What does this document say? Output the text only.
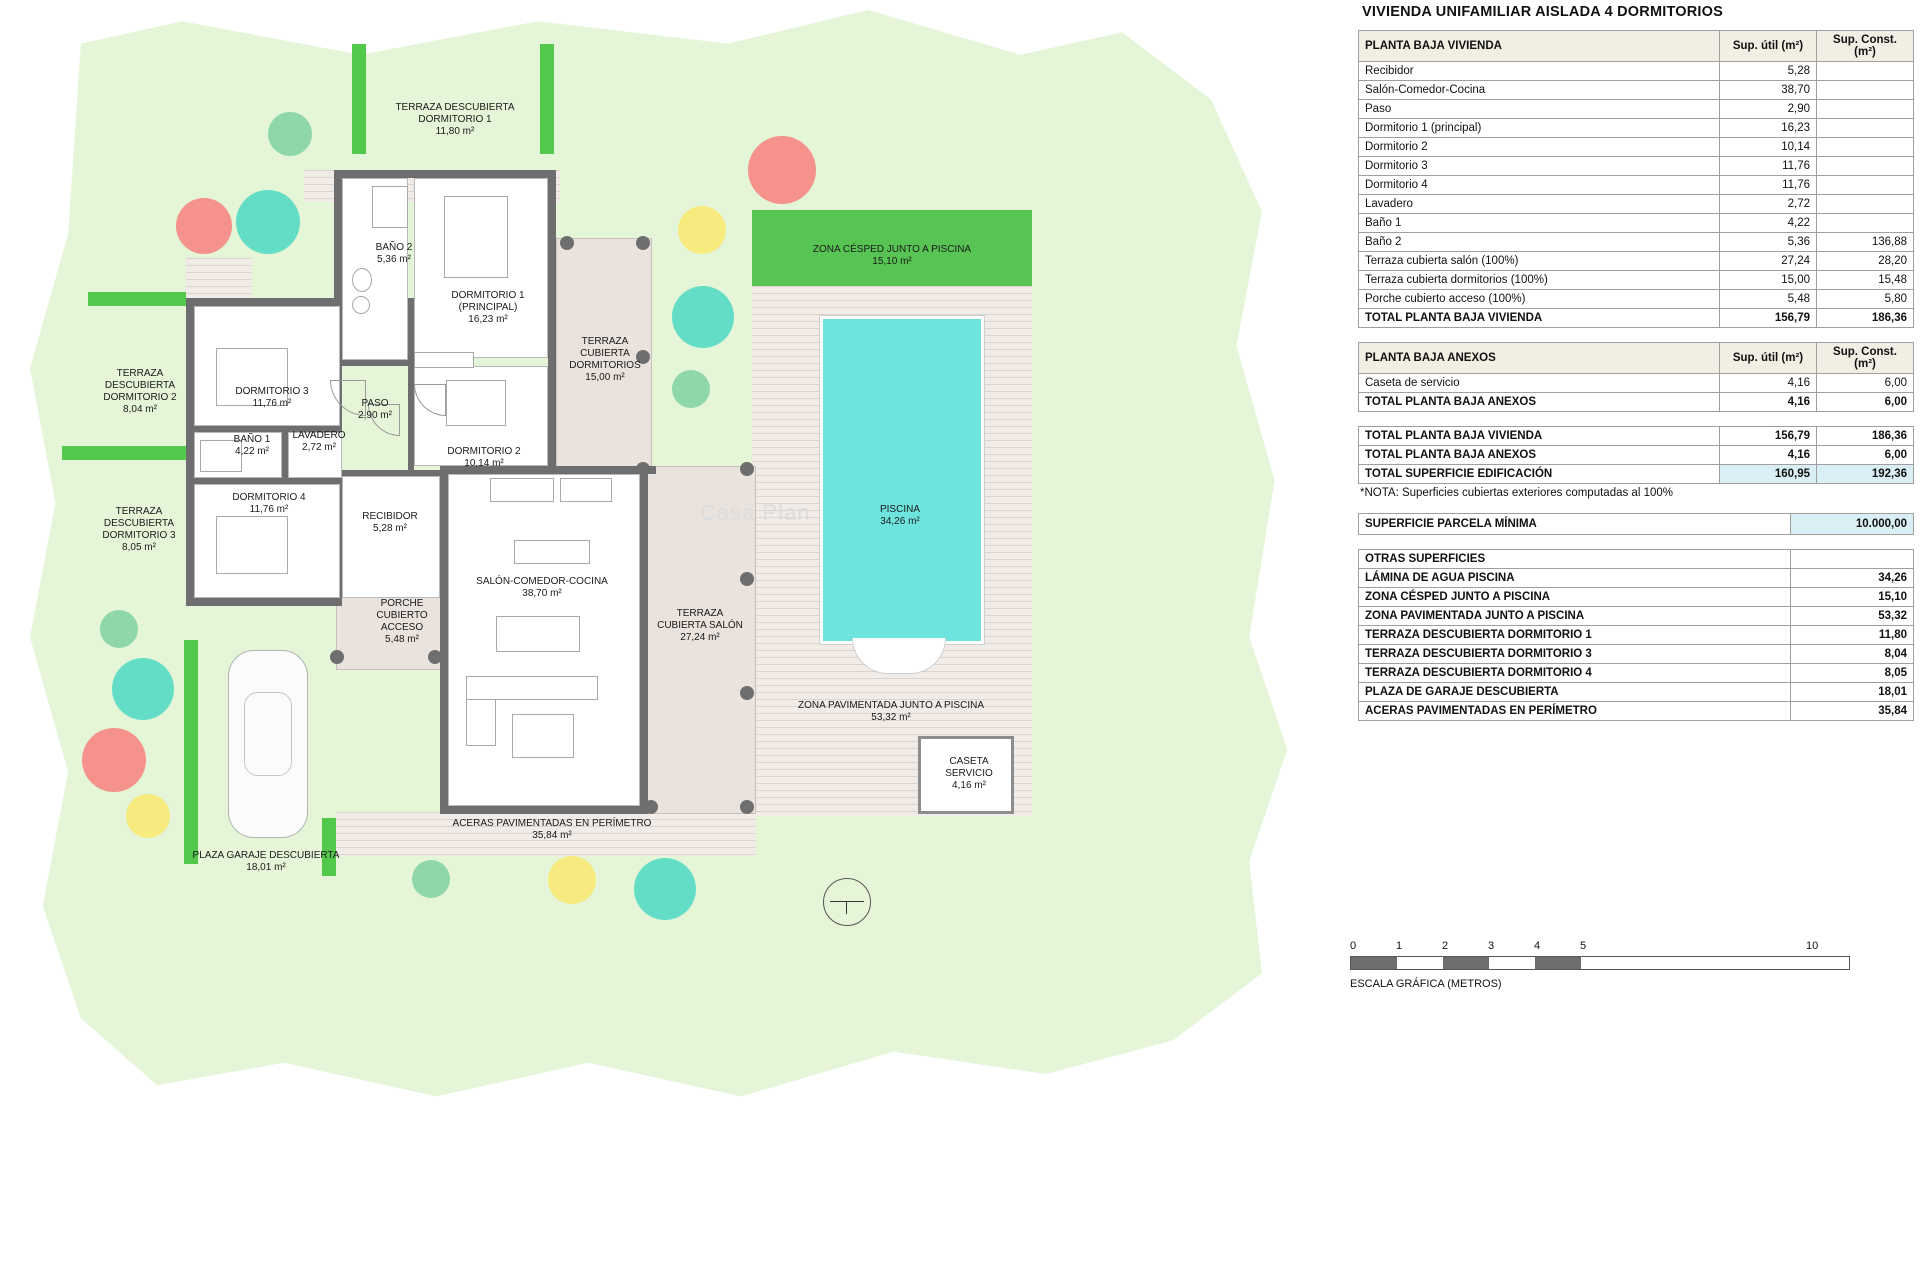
TERRAZA DESCUBIERTA DORMITORIO 1
11,80 m²
BAÑO 2
5,36 m²
DORMITORIO 1 (PRINCIPAL)
16,23 m²
TERRAZA CUBIERTA DORMITORIOS
15,00 m²
TERRAZA DESCUBIERTA DORMITORIO 2
8,04 m²
DORMITORIO 3
11,76 m²	PASO
2,90 m²
BAÑO 1
4,22 m²
LAVADERO
2,72 m²	DORMITORIO 2
10,14 m²
TERRAZA DESCUBIERTA DORMITORIO 3
8,05 m²
DORMITORIO 4
11,76 m²
RECIBIDOR
5,28 m²
SALÓN-COMEDOR-COCINA
38,70 m²
PORCHE CUBIERTO ACCESO
5,48 m²
TERRAZA CUBIERTA SALÓN
27,24 m²
PISCINA
34,26 m²
ZONA CÉSPED JUNTO A PISCINA
15,10 m²
ZONA PAVIMENTADA JUNTO A PISCINA
53,32 m²
CASETA SERVICIO
4,16 m²
ACERAS PAVIMENTADAS EN PERÍMETRO
35,84 m²
PLAZA GARAJE DESCUBIERTA
18,01 m²
Casa Plan
VIVIENDA UNIFAMILIAR AISLADA 4 DORMITORIOS
PLANTA BAJA VIVIENDA	Sup. útil (m²)	Sup. Const. (m²)
Recibidor	5,28	
Salón-Comedor-Cocina	38,70	
Paso	2,90	
Dormitorio 1 (principal)	16,23	
Dormitorio 2	10,14	
Dormitorio 3	11,76	
Dormitorio 4	11,76	
Lavadero	2,72	
Baño 1	4,22	
Baño 2	5,36	136,88
Terraza cubierta salón (100%)	27,24	28,20
Terraza cubierta dormitorios (100%)	15,00	15,48
Porche cubierto acceso (100%)	5,48	5,80
TOTAL PLANTA BAJA VIVIENDA	156,79	186,36
PLANTA BAJA ANEXOS	Sup. útil (m²)	Sup. Const. (m²)
Caseta de servicio	4,16	6,00
TOTAL PLANTA BAJA ANEXOS	4,16	6,00
TOTAL PLANTA BAJA VIVIENDA	156,79	186,36
TOTAL PLANTA BAJA ANEXOS	4,16	6,00
TOTAL SUPERFICIE EDIFICACIÓN	160,95	192,36
*NOTA: Superficies cubiertas exteriores computadas al 100%
SUPERFICIE PARCELA MÍNIMA	10.000,00
OTRAS SUPERFICIES	
LÁMINA DE AGUA PISCINA	34,26
ZONA CÉSPED JUNTO A PISCINA	15,10
ZONA PAVIMENTADA JUNTO A PISCINA	53,32
TERRAZA DESCUBIERTA DORMITORIO 1	11,80
TERRAZA DESCUBIERTA DORMITORIO 3	8,04
TERRAZA DESCUBIERTA DORMITORIO 4	8,05
PLAZA DE GARAJE DESCUBIERTA	18,01
ACERAS PAVIMENTADAS EN PERÍMETRO	35,84
0	1	2	3	4	5	10
ESCALA GRÁFICA (METROS)
